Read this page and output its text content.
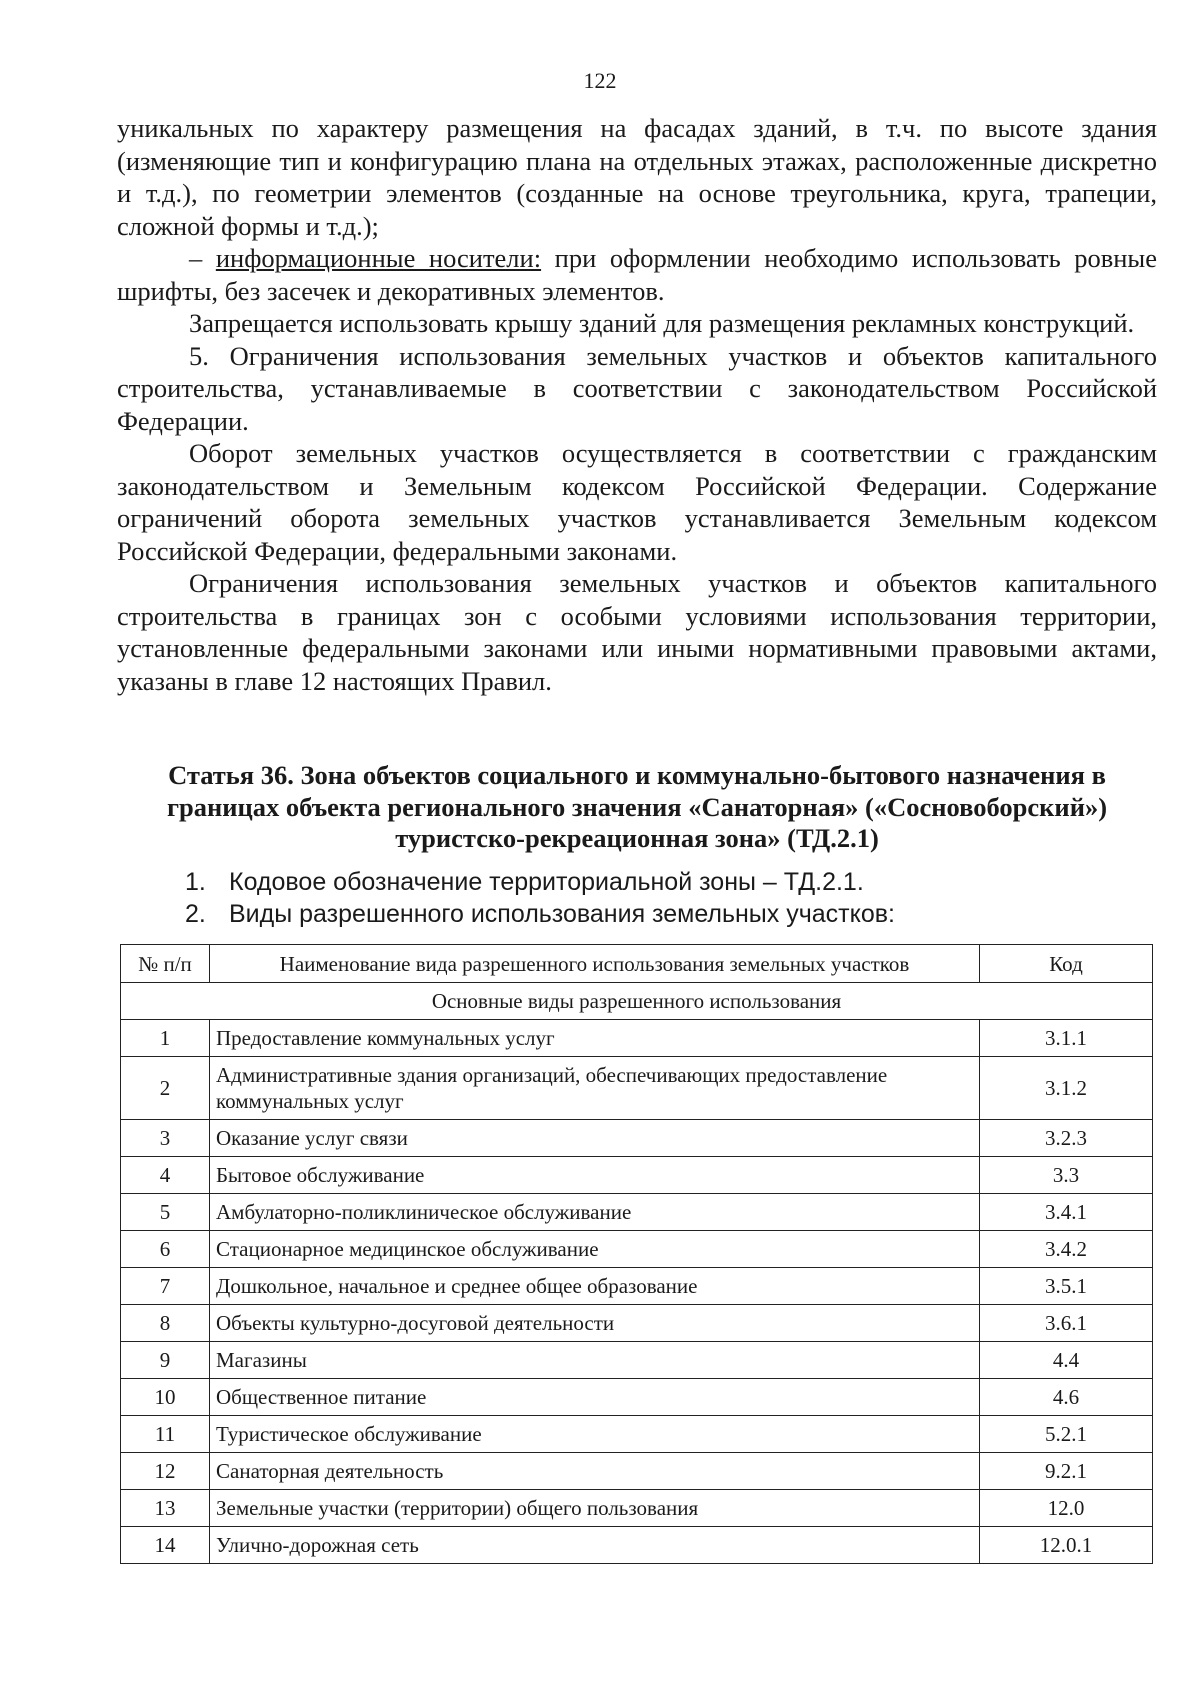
122

уникальных по характеру размещения на фасадах зданий, в т.ч. по высоте здания (изменяющие тип и конфигурацию плана на отдельных этажах, расположенные дискретно и т.д.), по геометрии элементов (созданные на основе треугольника, круга, трапеции, сложной формы и т.д.);

– информационные носители: при оформлении необходимо использовать ровные шрифты, без засечек и декоративных элементов.

Запрещается использовать крышу зданий для размещения рекламных конструкций.

5. Ограничения использования земельных участков и объектов капитального строительства, устанавливаемые в соответствии с законодательством Российской Федерации.

Оборот земельных участков осуществляется в соответствии с гражданским законодательством и Земельным кодексом Российской Федерации. Содержание ограничений оборота земельных участков устанавливается Земельным кодексом Российской Федерации, федеральными законами.

Ограничения использования земельных участков и объектов капитального строительства в границах зон с особыми условиями использования территории, установленные федеральными законами или иными нормативными правовыми актами, указаны в главе 12 настоящих Правил.

Статья 36. Зона объектов социального и коммунально-бытового назначения в границах объекта регионального значения «Санаторная» («Сосновоборский») туристско-рекреационная зона» (ТД.2.1)
1. Кодовое обозначение территориальной зоны – ТД.2.1.
2. Виды разрешенного использования земельных участков:
№ п/п	Наименование вида разрешенного использования земельных участков	Код
Основные виды разрешенного использования		
1	Предоставление коммунальных услуг	3.1.1
2	Административные здания организаций, обеспечивающих предоставление коммунальных услуг	3.1.2
3	Оказание услуг связи	3.2.3
4	Бытовое обслуживание	3.3
5	Амбулаторно-поликлиническое обслуживание	3.4.1
6	Стационарное медицинское обслуживание	3.4.2
7	Дошкольное, начальное и среднее общее образование	3.5.1
8	Объекты культурно-досуговой деятельности	3.6.1
9	Магазины	4.4
10	Общественное питание	4.6
11	Туристическое обслуживание	5.2.1
12	Санаторная деятельность	9.2.1
13	Земельные участки (территории) общего пользования	12.0
14	Улично-дорожная сеть	12.0.1
